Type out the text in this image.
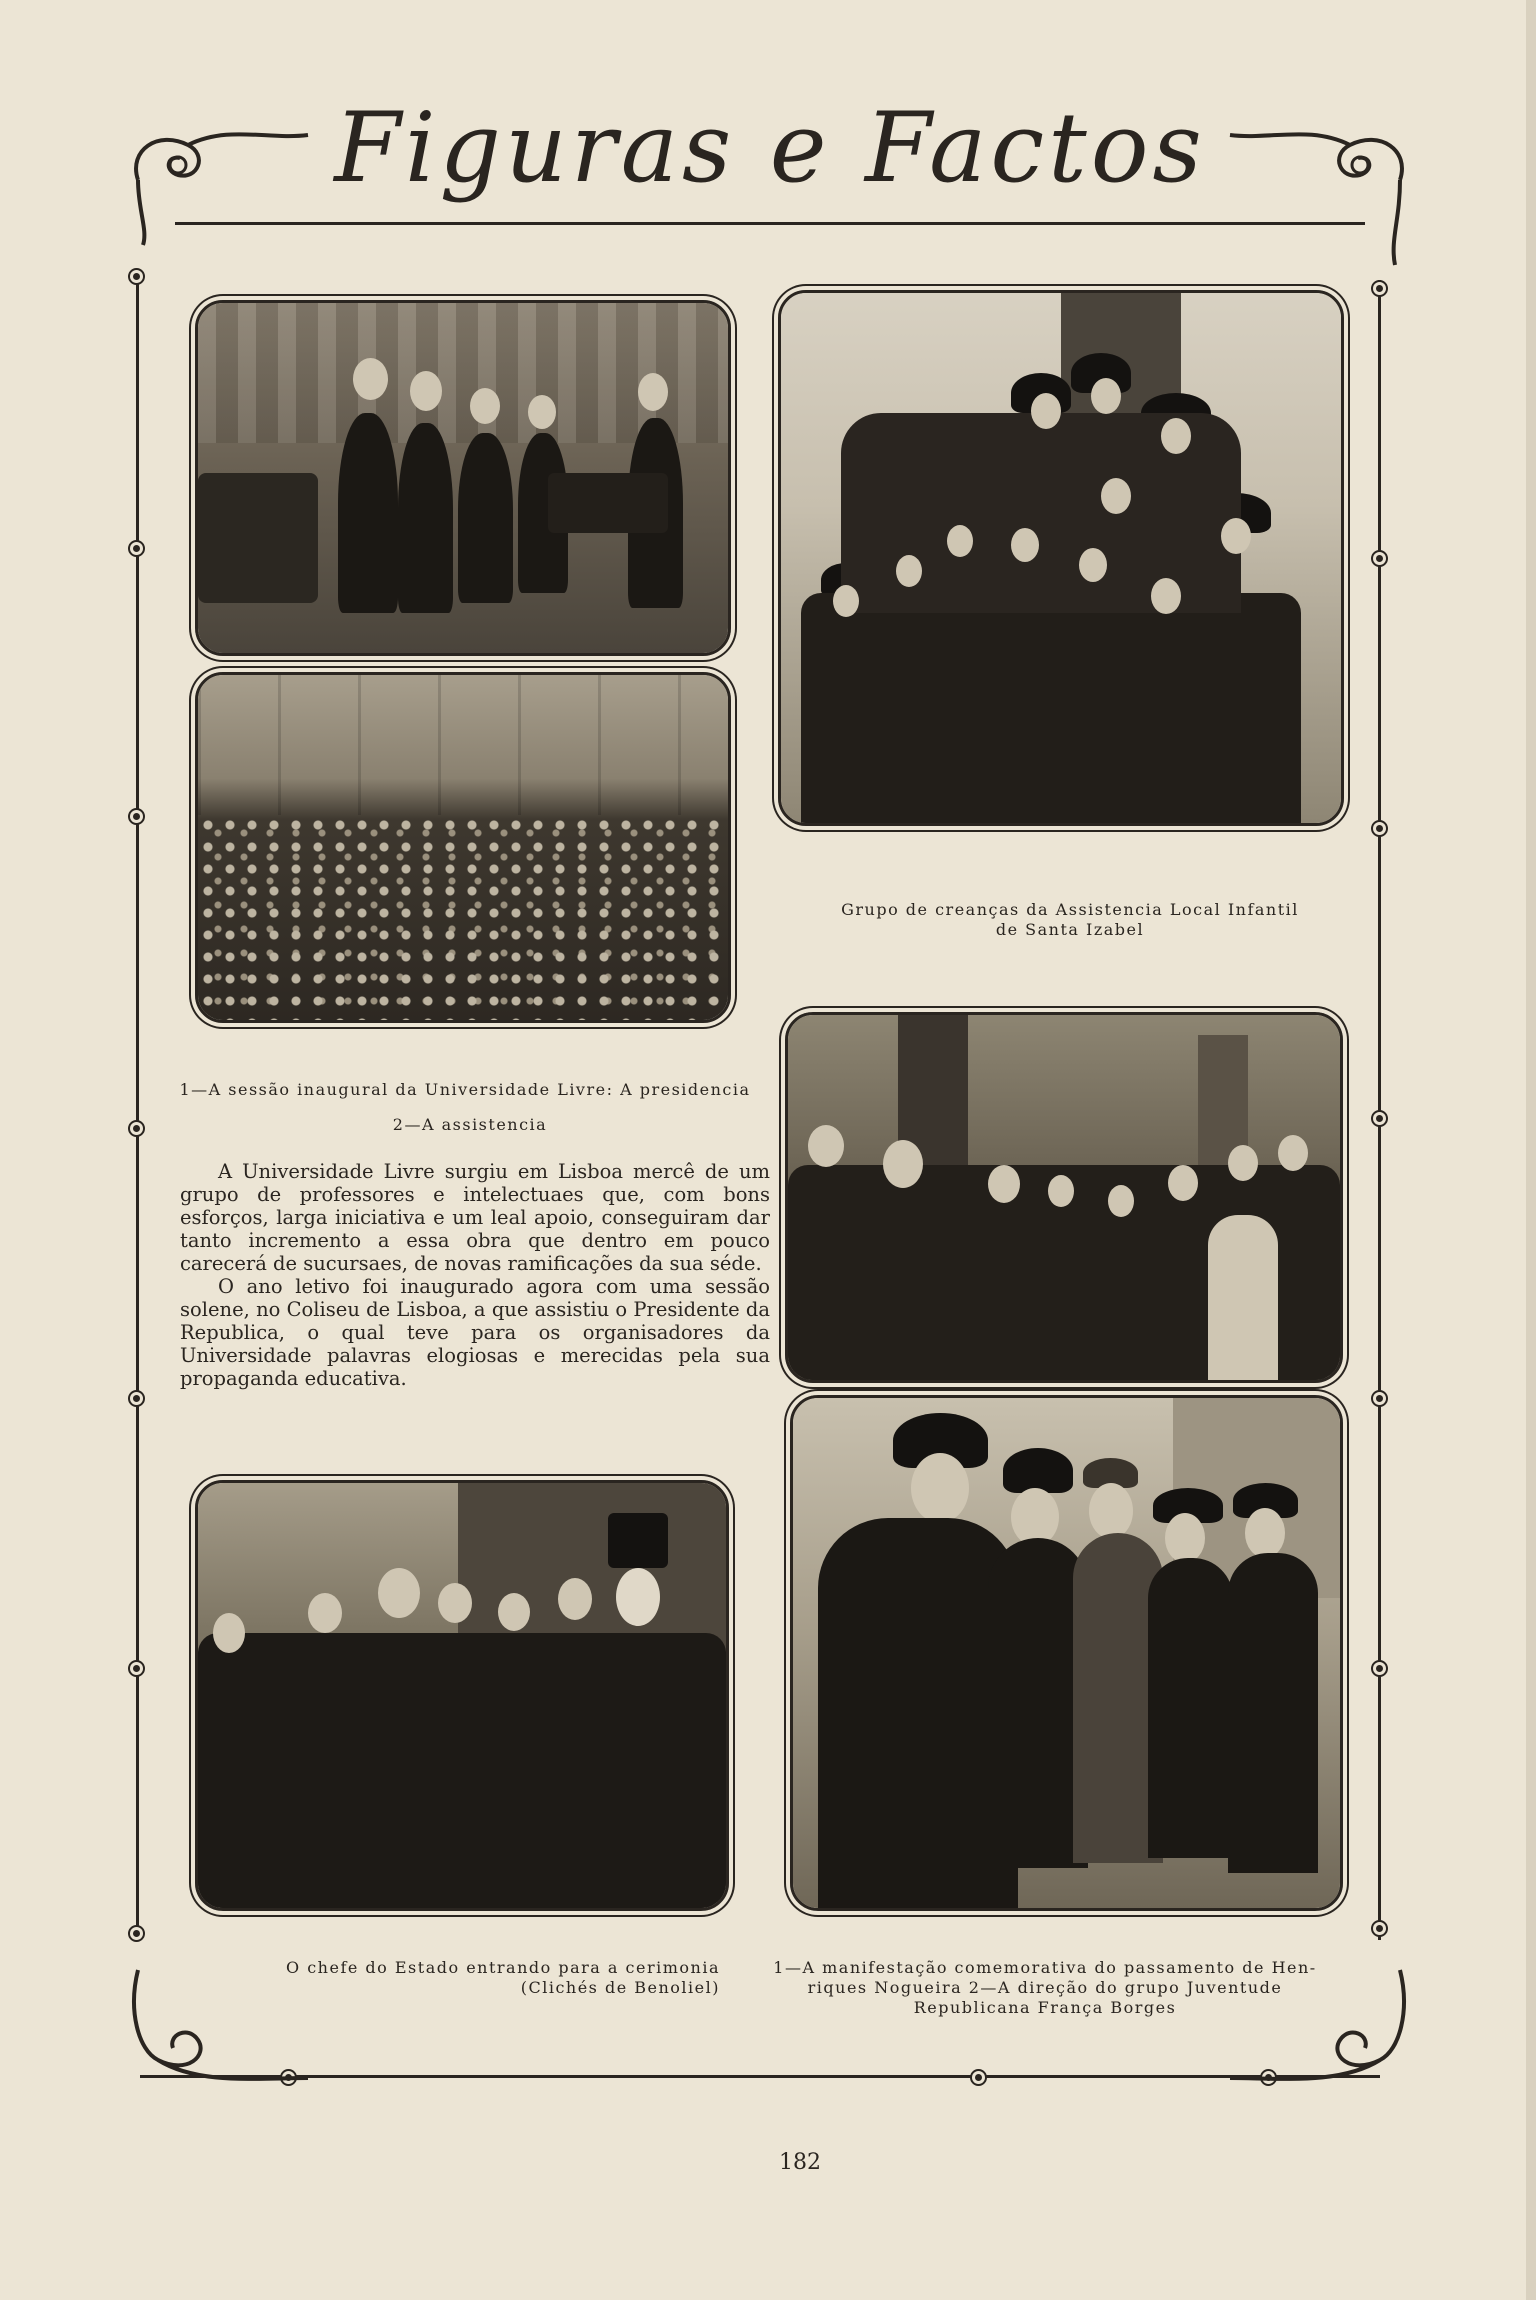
Figuras e Factos
1—A sessão inaugural da Universidade Livre: A presidencia
2—A assistencia
Grupo de creanças da Assistencia Local Infantil
de Santa Izabel
O chefe do Estado entrando para a cerimonia
(Clichés de Benoliel)
1—A manifestação comemorativa do passamento de Hen-
riques Nogueira 2—A direção do grupo Juventude
Republicana França Borges

A Universidade Livre surgiu em Lisboa mercê de um grupo de professores e intelectuaes que, com bons esforços, larga iniciativa e um leal apoio, conseguiram dar tanto incremento a essa obra que dentro em pouco carecerá de sucursaes, de novas ramificações da sua séde.

O ano letivo foi inaugurado agora com uma sessão solene, no Coliseu de Lisboa, a que assistiu o Presidente da Republica, o qual teve para os organisadores da Universidade palavras elogiosas e merecidas pela sua propaganda educativa.

182
